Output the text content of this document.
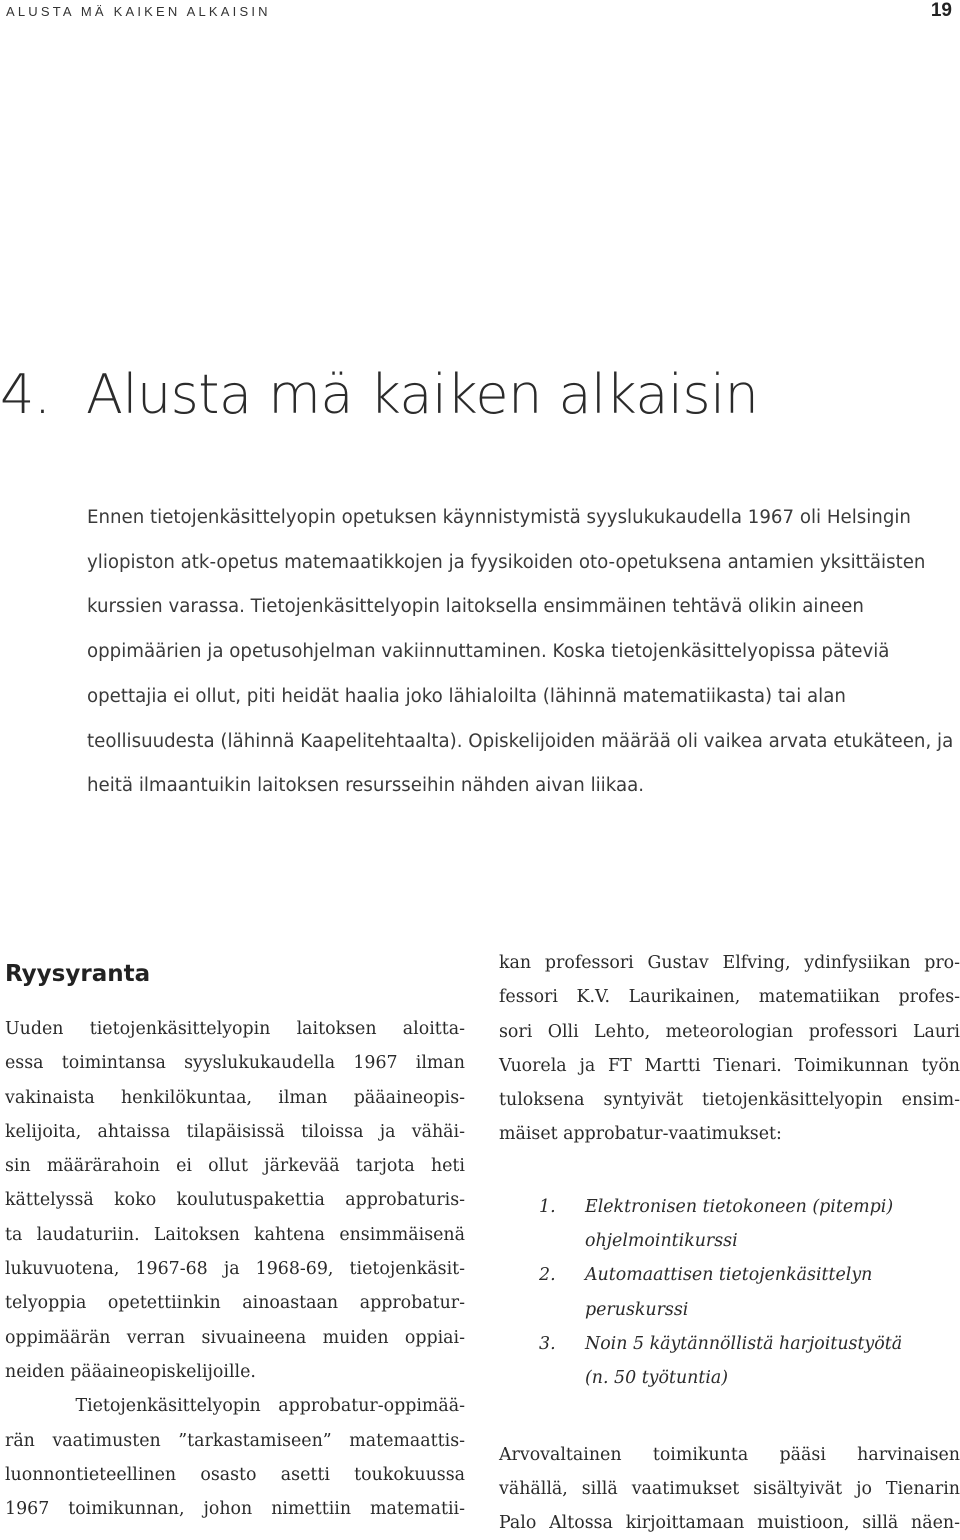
ALUSTA MÄ KAIKEN ALKAISIN	19
4. Alusta mä kaiken alkaisin

Ennen tietojenkäsittelyopin opetuksen käynnistymistä syyslukukaudella 1967 oli Helsingin
yliopiston atk-opetus matemaatikkojen ja fyysikoiden oto-opetuksena antamien yksittäisten
kurssien varassa. Tietojenkäsittelyopin laitoksella ensimmäinen tehtävä olikin aineen
oppimäärien ja opetusohjelman vakiinnuttaminen. Koska tietojenkäsittelyopissa päteviä
opettajia ei ollut, piti heidät haalia joko lähialoilta (lähinnä matematiikasta) tai alan
teollisuudesta (lähinnä Kaapelitehtaalta). Opiskelijoiden määrää oli vaikea arvata etukäteen, ja
heitä ilmaantuikin laitoksen resursseihin nähden aivan liikaa.

Ryysyranta
Uuden tietojenkäsittelyopin laitoksen aloitta-
essa toimintansa syyslukukaudella 1967 ilman
vakinaista henkilökuntaa, ilman pääaineopis-
kelijoita, ahtaissa tilapäisissä tiloissa ja vähäi-
sin määrärahoin ei ollut järkevää tarjota heti
kättelyssä koko koulutuspakettia approbaturis-
ta laudaturiin. Laitoksen kahtena ensimmäisenä
lukuvuotena, 1967-68 ja 1968-69, tietojenkäsit-
telyoppia opetettiinkin ainoastaan approbatur-
oppimäärän verran sivuaineena muiden oppiai-
neiden pääaineopiskelijoille.
Tietojenkäsittelyopin approbatur-oppimää-
rän vaatimusten ”tarkastamiseen” matemaattis-
luonnontieteellinen osasto asetti toukokuussa
1967 toimikunnan, johon nimettiin matematii-
kan professori Gustav Elfving, ydinfysiikan pro-
fessori K.V. Laurikainen, matematiikan profes-
sori Olli Lehto, meteorologian professori Lauri
Vuorela ja FT Martti Tienari. Toimikunnan työn
tuloksena syntyivät tietojenkäsittelyopin ensim-
mäiset approbatur-vaatimukset:
1. Elektronisen tietokoneen (pitempi)
ohjelmointikurssi
2. Automaattisen tietojenkäsittelyn
peruskurssi
3. Noin 5 käytännöllistä harjoitustyötä
(n. 50 työtuntia)
Arvovaltainen toimikunta pääsi harvinaisen
vähällä, sillä vaatimukset sisältyivät jo Tienarin
Palo Altossa kirjoittamaan muistioon, sillä näen-
